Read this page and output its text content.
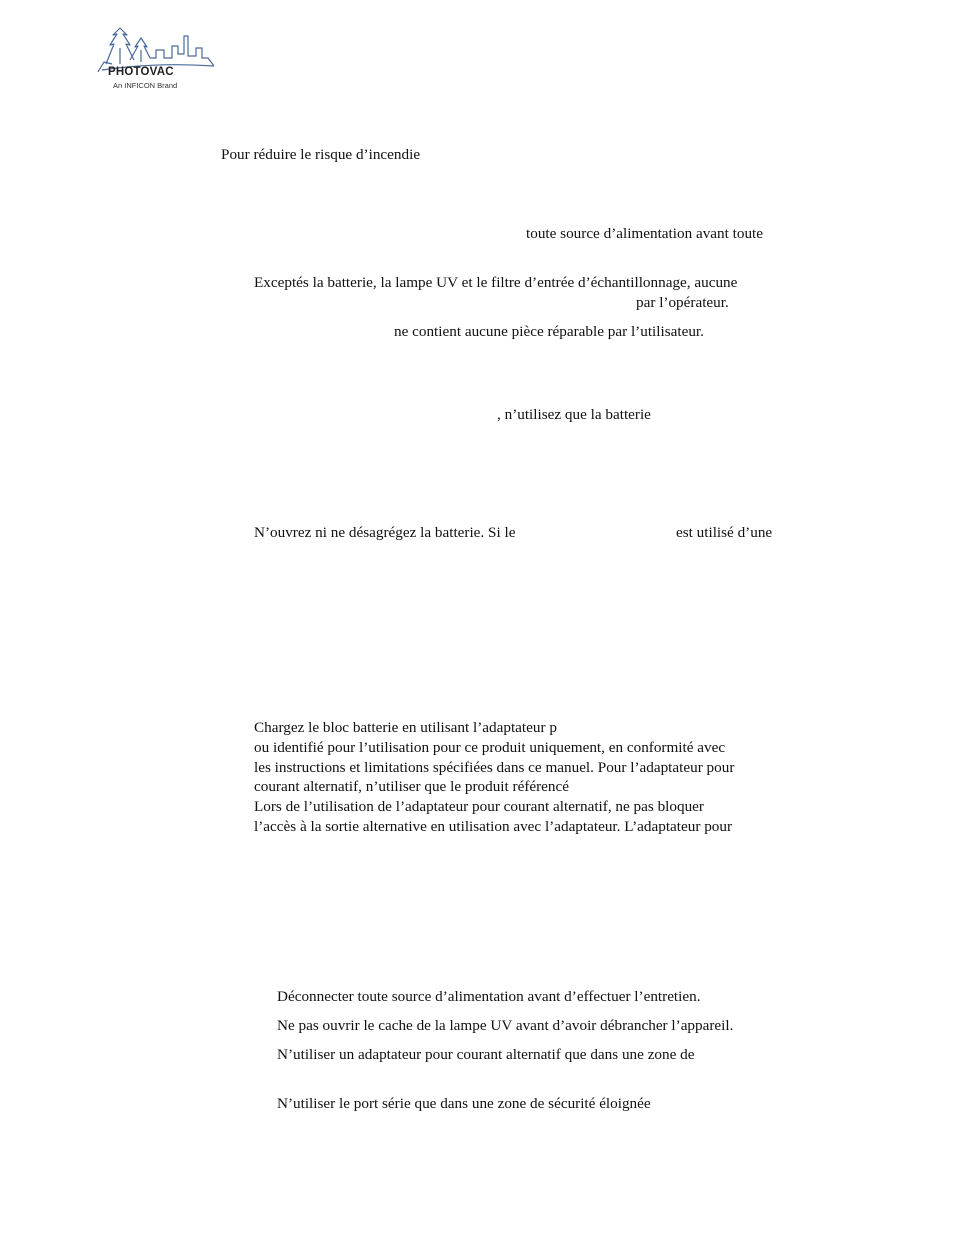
PHOTOVAC
An INFICON Brand
Pour réduire le risque d’incendie
toute source d’alimentation avant toute
Exceptés la batterie, la lampe UV et le filtre d’entrée d’échantillonnage, aucune
par l’opérateur.
ne contient aucune pièce réparable par l’utilisateur.
, n’utilisez que la batterie
N’ouvrez ni ne désagrégez la batterie. Si le	est utilisé d’une
Chargez le bloc batterie en utilisant l’adaptateur p
ou identifié pour l’utilisation pour ce produit uniquement, en conformité avec
les instructions et limitations spécifiées dans ce manuel. Pour l’adaptateur pour
courant alternatif, n’utiliser que le produit référencé
Lors de l’utilisation de l’adaptateur pour courant alternatif, ne pas bloquer
l’accès à la sortie alternative en utilisation avec l’adaptateur. L’adaptateur pour
Déconnecter toute source d’alimentation avant d’effectuer l’entretien.
Ne pas ouvrir le cache de la lampe UV avant d’avoir débrancher l’appareil.
N’utiliser un adaptateur pour courant alternatif que dans une zone de
N’utiliser le port série que dans une zone de sécurité éloignée
